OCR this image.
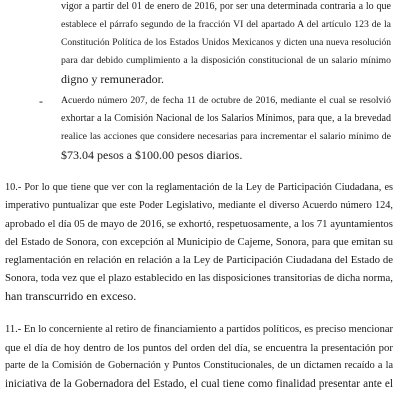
vigor a partir del 01 de enero de 2016, por ser una determinada contraria a lo que
establece el párrafo segundo de la fracción VI del apartado A del artículo 123 de la
Constitución Política de los Estados Unidos Mexicanos y dicten una nueva resolución
para dar debido cumplimiento a la disposición constitucional de un salario mínimo
digno y remunerador.
- Acuerdo número 207, de fecha 11 de octubre de 2016, mediante el cual se resolvió
exhortar a la Comisión Nacional de los Salarios Mínimos, para que, a la brevedad
realice las acciones que considere necesarias para incrementar el salario mínimo de
$73.04 pesos a $100.00 pesos diarios.
10.- Por lo que tiene que ver con la reglamentación de la Ley de Participación Ciudadana, es
imperativo puntualizar que este Poder Legislativo, mediante el diverso Acuerdo número 124,
aprobado el día 05 de mayo de 2016, se exhortó, respetuosamente, a los 71 ayuntamientos
del Estado de Sonora, con excepción al Municipio de Cajeme, Sonora, para que emitan su
reglamentación en relación en relación a la Ley de Participación Ciudadana del Estado de
Sonora, toda vez que el plazo establecido en las disposiciones transitorias de dicha norma,
han transcurrido en exceso.
11.- En lo concerniente al retiro de financiamiento a partidos políticos, es preciso mencionar
que el día de hoy dentro de los puntos del orden del día, se encuentra la presentación por
parte de la Comisión de Gobernación y Puntos Constitucionales, de un dictamen recaído a la
iniciativa de la Gobernadora del Estado, el cual tiene como finalidad presentar ante el
